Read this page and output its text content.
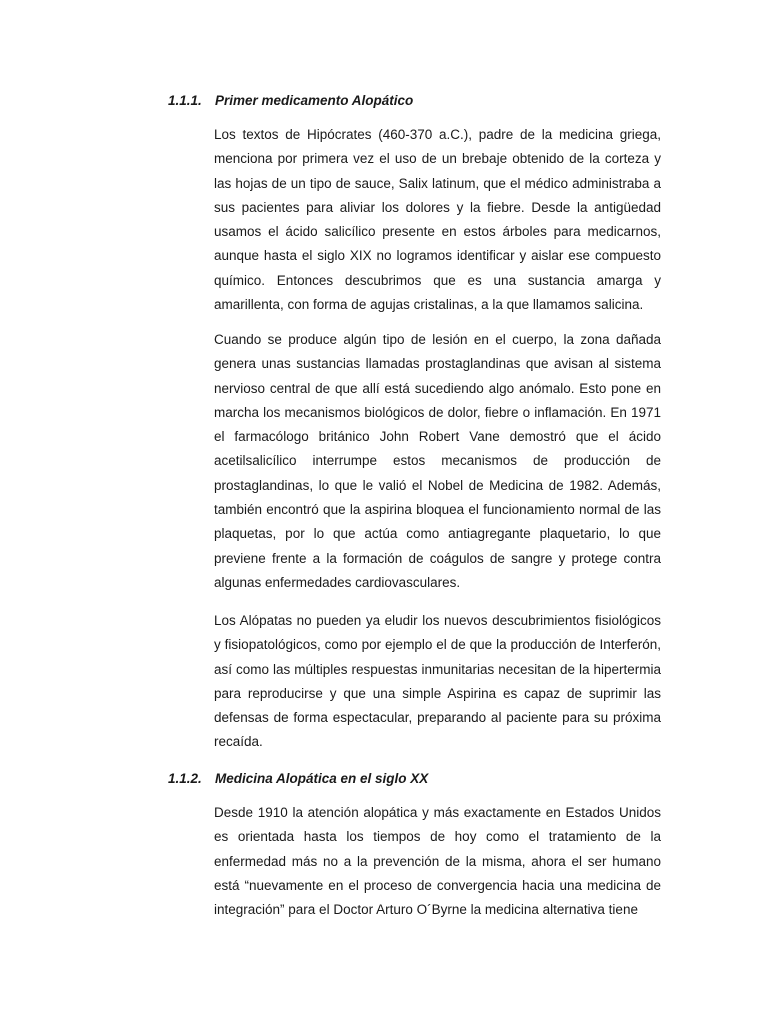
1.1.1. Primer medicamento Alopático

Los textos de Hipócrates (460-370 a.C.), padre de la medicina griega, menciona por primera vez el uso de un brebaje obtenido de la corteza y las hojas de un tipo de sauce, Salix latinum, que el médico administraba a sus pacientes para aliviar los dolores y la fiebre. Desde la antigüedad usamos el ácido salicílico presente en estos árboles para medicarnos, aunque hasta el siglo XIX no logramos identificar y aislar ese compuesto químico. Entonces descubrimos que es una sustancia amarga y amarillenta, con forma de agujas cristalinas, a la que llamamos salicina.

Cuando se produce algún tipo de lesión en el cuerpo, la zona dañada genera unas sustancias llamadas prostaglandinas que avisan al sistema nervioso central de que allí está sucediendo algo anómalo. Esto pone en marcha los mecanismos biológicos de dolor, fiebre o inflamación. En 1971 el farmacólogo británico John Robert Vane demostró que el ácido acetilsalicílico interrumpe estos mecanismos de producción de prostaglandinas, lo que le valió el Nobel de Medicina de 1982. Además, también encontró que la aspirina bloquea el funcionamiento normal de las plaquetas, por lo que actúa como antiagregante plaquetario, lo que previene frente a la formación de coágulos de sangre y protege contra algunas enfermedades cardiovasculares.

Los Alópatas no pueden ya eludir los nuevos descubrimientos fisiológicos y fisiopatológicos, como por ejemplo el de que la producción de Interferón, así como las múltiples respuestas inmunitarias necesitan de la hipertermia para reproducirse y que una simple Aspirina es capaz de suprimir las defensas de forma espectacular, preparando al paciente para su próxima recaída.

1.1.2. Medicina Alopática en el siglo XX

Desde 1910 la atención alopática y más exactamente en Estados Unidos es orientada hasta los tiempos de hoy como el tratamiento de la enfermedad más no a la prevención de la misma, ahora el ser humano está “nuevamente en el proceso de convergencia hacia una medicina de integración” para el Doctor Arturo O´Byrne la medicina alternativa tiene
